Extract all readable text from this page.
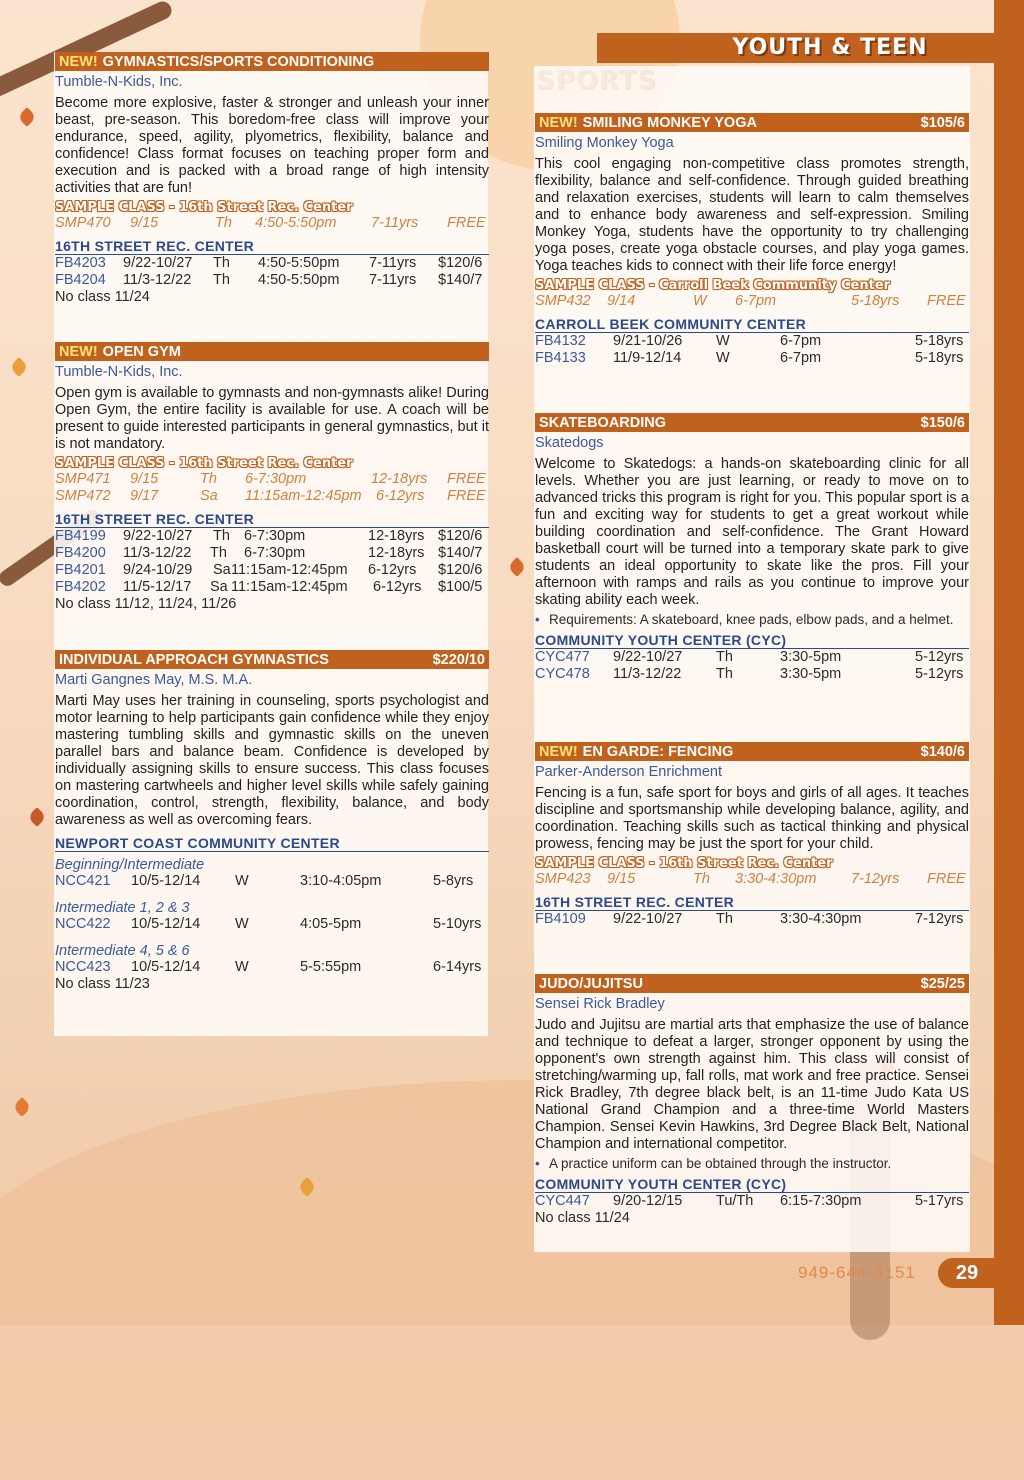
YOUTH & TEEN
NEW! GYMNASTICS/SPORTS CONDITIONING
Tumble-N-Kids, Inc.
Become more explosive, faster & stronger and unleash your inner beast, pre-season. This boredom-free class will improve your endurance, speed, agility, plyometrics, flexibility, balance and confidence! Class format focuses on teaching proper form and execution and is packed with a broad range of high intensity activities that are fun!
SAMPLE CLASS - 16th Street Rec. Center
SMP470 9/15	Th 4:50-5:50pm 7-11yrs FREE
16TH STREET REC. CENTER
FB4203 9/22-10/27 Th 4:50-5:50pm 7-11yrs $120/6
FB4204 11/3-12/22 Th 4:50-5:50pm 7-11yrs $140/7
No class 11/24
NEW! OPEN GYM
Tumble-N-Kids, Inc.
Open gym is available to gymnasts and non-gymnasts alike! During Open Gym, the entire facility is available for use. A coach will be present to guide interested participants in general gymnastics, but it is not mandatory.
SAMPLE CLASS - 16th Street Rec. Center
SMP471 9/15	Th 6-7:30pm	12-18yrs FREE
SMP472 9/17	Sa 11:15am-12:45pm 6-12yrs FREE
16TH STREET REC. CENTER
FB4199 9/22-10/27 Th 6-7:30pm	12-18yrs $120/6
FB4200 11/3-12/22 Th 6-7:30pm	12-18yrs $140/7
FB4201 9/24-10/29 Sa 11:15am-12:45pm 6-12yrs $120/6
FB4202 11/5-12/17 Sa 11:15am-12:45pm 6-12yrs $100/5
No class 11/12, 11/24, 11/26
INDIVIDUAL APPROACH GYMNASTICS	$220/10
Marti Gangnes May, M.S. M.A.
Marti May uses her training in counseling, sports psychologist and motor learning to help participants gain confidence while they enjoy mastering tumbling skills and gymnastic skills on the uneven parallel bars and balance beam. Confidence is developed by individually assigning skills to ensure success. This class focuses on mastering cartwheels and higher level skills while safely gaining coordination, control, strength, flexibility, balance, and body awareness as well as overcoming fears.
NEWPORT COAST COMMUNITY CENTER
Beginning/Intermediate
NCC421 10/5-12/14 W	3:10-4:05pm	5-8yrs
Intermediate 1, 2 & 3
NCC422 10/5-12/14 W	4:05-5pm	5-10yrs
Intermediate 4, 5 & 6
NCC423 10/5-12/14 W	5-5:55pm	6-14yrs
No class 11/23
NEW! SMILING MONKEY YOGA	$105/6
Smiling Monkey Yoga
This cool engaging non-competitive class promotes strength, flexibility, balance and self-confidence. Through guided breathing and relaxation exercises, students will learn to calm themselves and to enhance body awareness and self-expression. Smiling Monkey Yoga, students have the opportunity to try challenging yoga poses, create yoga obstacle courses, and play yoga games. Yoga teaches kids to connect with their life force energy!
SAMPLE CLASS - Carroll Beek Community Center
SMP432 9/14	W 6-7pm	5-18yrs FREE
CARROLL BEEK COMMUNITY CENTER
FB4132 9/21-10/26 W	6-7pm	5-18yrs
FB4133 11/9-12/14 W	6-7pm	5-18yrs
SKATEBOARDING	$150/6
Skatedogs
Welcome to Skatedogs: a hands-on skateboarding clinic for all levels. Whether you are just learning, or ready to move on to advanced tricks this program is right for you. This popular sport is a fun and exciting way for students to get a great workout while building coordination and self-confidence. The Grant Howard basketball court will be turned into a temporary skate park to give students an ideal opportunity to skate like the pros. Fill your afternoon with ramps and rails as you continue to improve your skating ability each week.
• Requirements: A skateboard, knee pads, elbow pads, and a helmet.
COMMUNITY YOUTH CENTER (CYC)
CYC477 9/22-10/27 Th	3:30-5pm	5-12yrs
CYC478 11/3-12/22 Th	3:30-5pm	5-12yrs
NEW! EN GARDE: FENCING	$140/6
Parker-Anderson Enrichment
Fencing is a fun, safe sport for boys and girls of all ages. It teaches discipline and sportsmanship while developing balance, agility, and coordination. Teaching skills such as tactical thinking and physical prowess, fencing may be just the sport for your child.
SAMPLE CLASS - 16th Street Rec. Center
SMP423 9/15	Th 3:30-4:30pm 7-12yrs FREE
16TH STREET REC. CENTER
FB4109 9/22-10/27 Th	3:30-4:30pm	7-12yrs
JUDO/JUJITSU	$25/25
Sensei Rick Bradley
Judo and Jujitsu are martial arts that emphasize the use of balance and technique to defeat a larger, stronger opponent by using the opponent's own strength against him. This class will consist of stretching/warming up, fall rolls, mat work and free practice. Sensei Rick Bradley, 7th degree black belt, is an 11-time Judo Kata US National Grand Champion and a three-time World Masters Champion. Sensei Kevin Hawkins, 3rd Degree Black Belt, National Champion and international competitor.
• A practice uniform can be obtained through the instructor.
COMMUNITY YOUTH CENTER (CYC)
CYC447 9/20-12/15 Tu/Th 6:15-7:30pm	5-17yrs
No class 11/24
949-644-3151	29
